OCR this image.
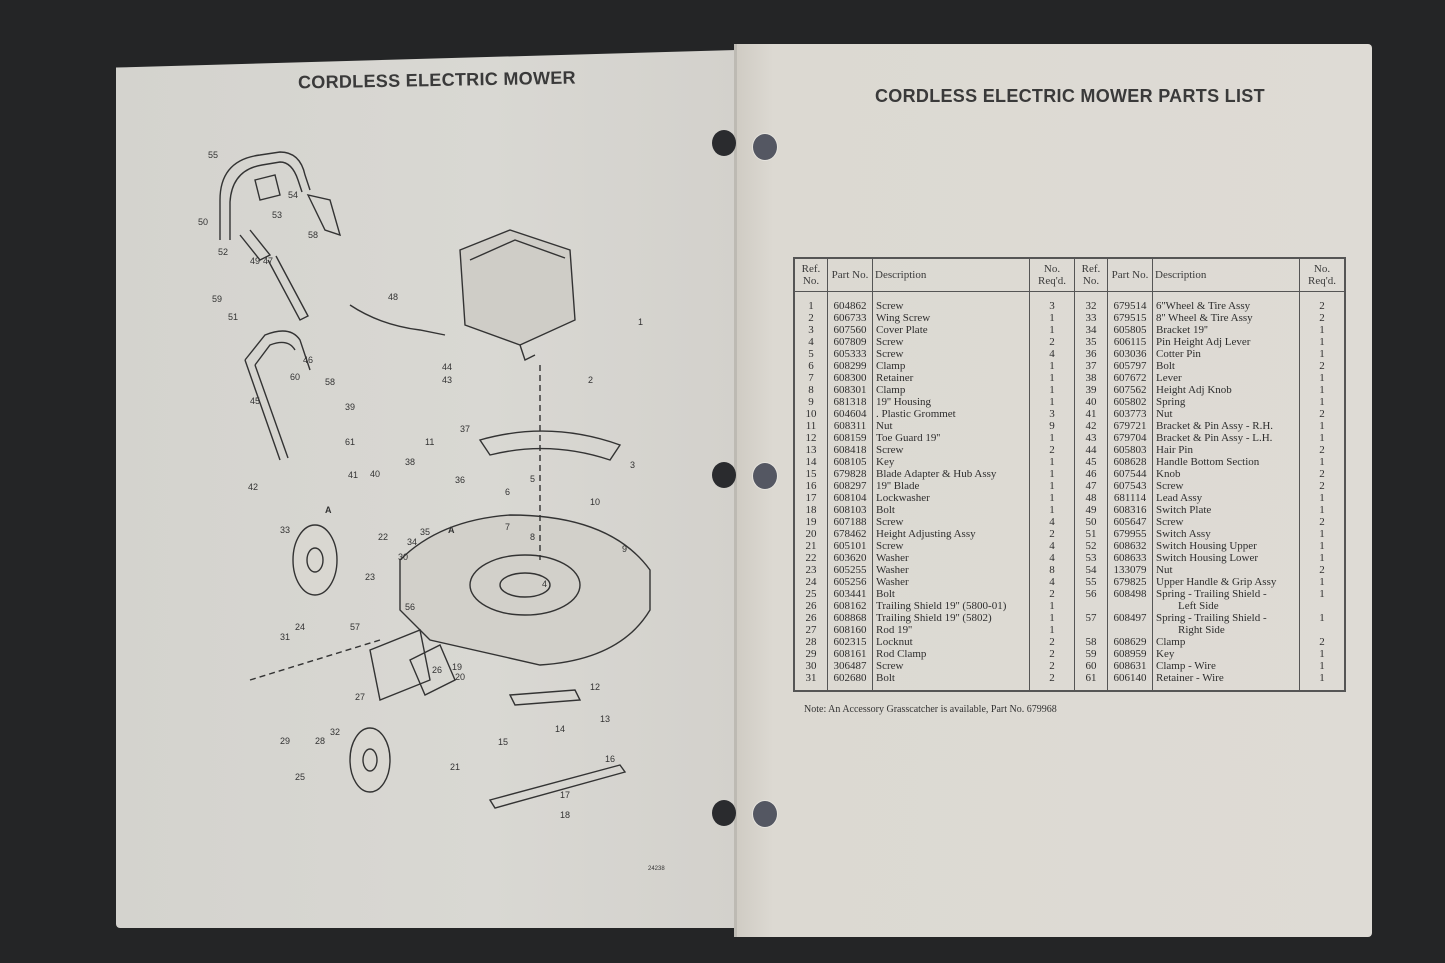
CORDLESS ELECTRIC MOWER
CORDLESS ELECTRIC MOWER PARTS LIST
55
54
53
50
52
58
49 47
59
51
48
1
2
3
4
5
6
7
8
9
10
11
12
13
14
15
16
17
18
19
20
21
22
23
24
25
26
27
28
29
30
31
32
33
34
35
36
37
38
39
40
41
42
43
44
45
46
56
57
58
60
61
A
A
24238
Ref. No.	Part No.	Description	No. Req'd.	Ref. No.	Part No.	Description	No. Req'd.
1	604862	Screw	3	32	679514	6''Wheel & Tire Assy	2
2	606733	Wing Screw	1	33	679515	8'' Wheel & Tire Assy	2
3	607560	Cover Plate	1	34	605805	Bracket 19''	1
4	607809	Screw	2	35	606115	Pin Height Adj Lever	1
5	605333	Screw	4	36	603036	Cotter Pin	1
6	608299	Clamp	1	37	605797	Bolt	2
7	608300	Retainer	1	38	607672	Lever	1
8	608301	Clamp	1	39	607562	Height Adj Knob	1
9	681318	19'' Housing	1	40	605802	Spring	1
10	604604	. Plastic Grommet	3	41	603773	Nut	2
11	608311	Nut	9	42	679721	Bracket & Pin Assy - R.H.	1
12	608159	Toe Guard 19''	1	43	679704	Bracket & Pin Assy - L.H.	1
13	608418	Screw	2	44	605803	Hair Pin	2
14	608105	Key	1	45	608628	Handle Bottom Section	1
15	679828	Blade Adapter & Hub Assy	1	46	607544	Knob	2
16	608297	19'' Blade	1	47	607543	Screw	2
17	608104	Lockwasher	1	48	681114	Lead Assy	1
18	608103	Bolt	1	49	608316	Switch Plate	1
19	607188	Screw	4	50	605647	Screw	2
20	678462	Height Adjusting Assy	2	51	679955	Switch Assy	1
21	605101	Screw	4	52	608632	Switch Housing Upper	1
22	603620	Washer	4	53	608633	Switch Housing Lower	1
23	605255	Washer	8	54	133079	Nut	2
24	605256	Washer	4	55	679825	Upper Handle & Grip Assy	1
25	603441	Bolt	2	56	608498	Spring - Trailing Shield -	1
26	608162	Trailing Shield 19'' (5800-01)	1			Left Side	

26	608868	Trailing Shield 19'' (5802)	1	57	608497	Spring - Trailing Shield -	1
27	608160	Rod 19''	1			Right Side	

28	602315	Locknut	2	58	608629	Clamp	2
29	608161	Rod Clamp	2	59	608959	Key	1
30	306487	Screw	2	60	608631	Clamp - Wire	1
31	602680	Bolt	2	61	606140	Retainer - Wire	1
Note: An Accessory Grasscatcher is available, Part No. 679968
